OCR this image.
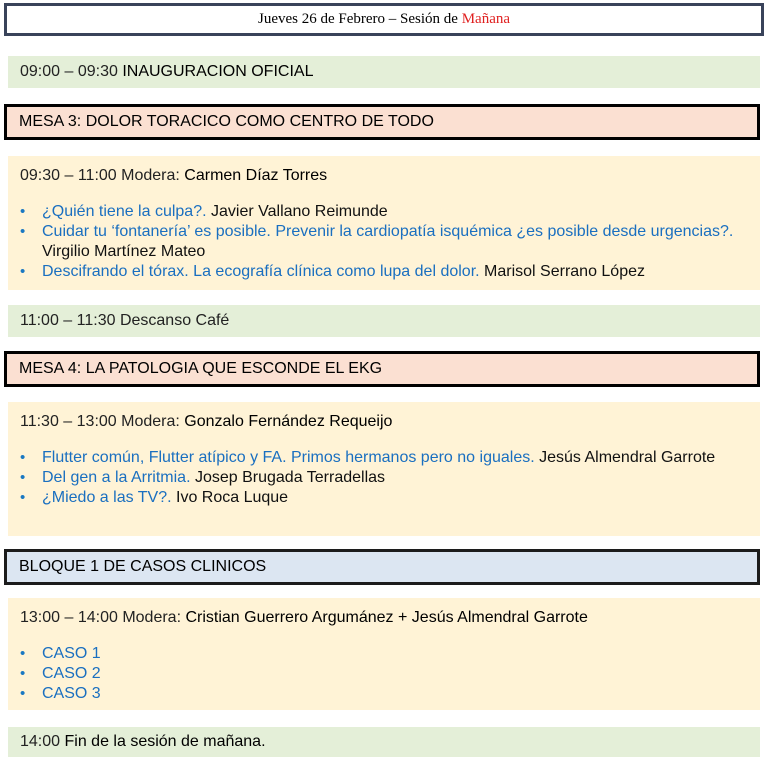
Jueves 26 de Febrero – Sesión de
Mañana
09:00 – 09:30
INAUGURACION OFICIAL
MESA 3: DOLOR TORACICO COMO CENTRO DE TODO
09:30 – 11:00 Modera: Carmen Díaz Torres
• ¿Quién tiene la culpa?. Javier Vallano Reimunde
• Cuidar tu ‘fontanería’ es posible. Prevenir la cardiopatía isquémica ¿es posible desde urgencias?. Virgilio Martínez Mateo
• Descifrando el tórax. La ecografía clínica como lupa del dolor. Marisol Serrano López
11:00 – 11:30 Descanso Café
MESA 4: LA PATOLOGIA QUE ESCONDE EL EKG
11:30 – 13:00 Modera: Gonzalo Fernández Requeijo
• Flutter común, Flutter atípico y FA. Primos hermanos pero no iguales. Jesús Almendral Garrote
• Del gen a la Arritmia. Josep Brugada Terradellas
• ¿Miedo a las TV?. Ivo Roca Luque
BLOQUE 1 DE CASOS CLINICOS
13:00 – 14:00 Modera: Cristian Guerrero Argumánez + Jesús Almendral Garrote
• CASO 1
• CASO 2
• CASO 3
14:00
Fin de la sesión de mañana.
